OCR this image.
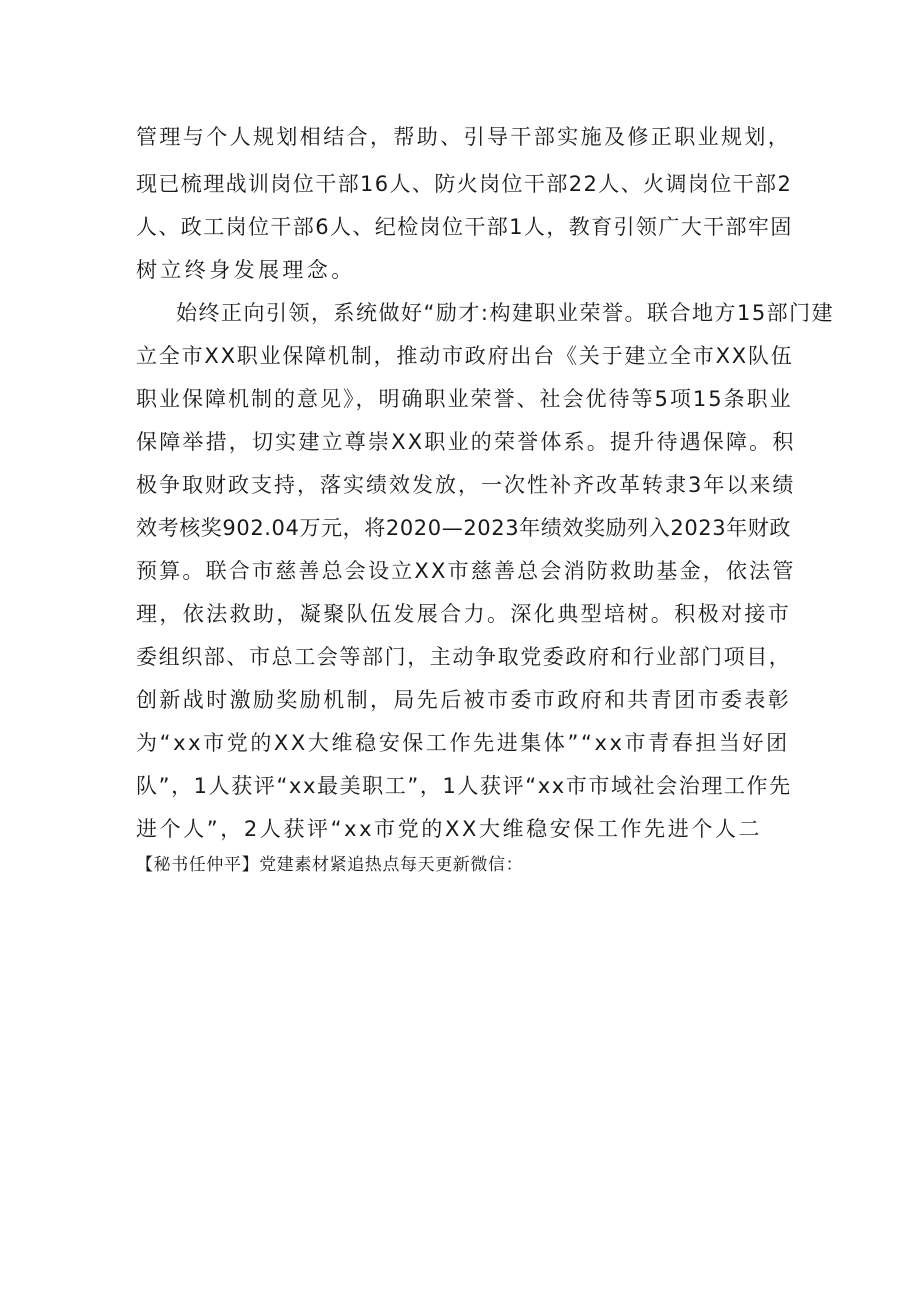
管理与个人规划相结合，帮助、引导干部实施及修正职业规划，
现已梳理战训岗位干部16人、防火岗位干部22人、火调岗位干部2
人、政工岗位干部6人、纪检岗位干部1人，教育引领广大干部牢固
树立终身发展理念。
始终正向引领，系统做好“励才:构建职业荣誉。联合地方15部门建
立全市XX职业保障机制，推动市政府出台《关于建立全市XX队伍
职业保障机制的意见》，明确职业荣誉、社会优待等5项15条职业
保障举措，切实建立尊崇XX职业的荣誉体系。提升待遇保障。积
极争取财政支持，落实绩效发放，一次性补齐改革转隶3年以来绩
效考核奖902.04万元，将2020—2023年绩效奖励列入2023年财政
预算。联合市慈善总会设立XX市慈善总会消防救助基金，依法管
理，依法救助，凝聚队伍发展合力。深化典型培树。积极对接市
委组织部、市总工会等部门，主动争取党委政府和行业部门项目，
创新战时激励奖励机制，局先后被市委市政府和共青团市委表彰
为“xx市党的XX大维稳安保工作先进集体”“xx市青春担当好团
队”，1人获评“xx最美职工”，1人获评“xx市市域社会治理工作先
进个人”，2人获评“xx市党的XX大维稳安保工作先进个人二
【秘书任仲平】党建素材紧追热点每天更新微信：
